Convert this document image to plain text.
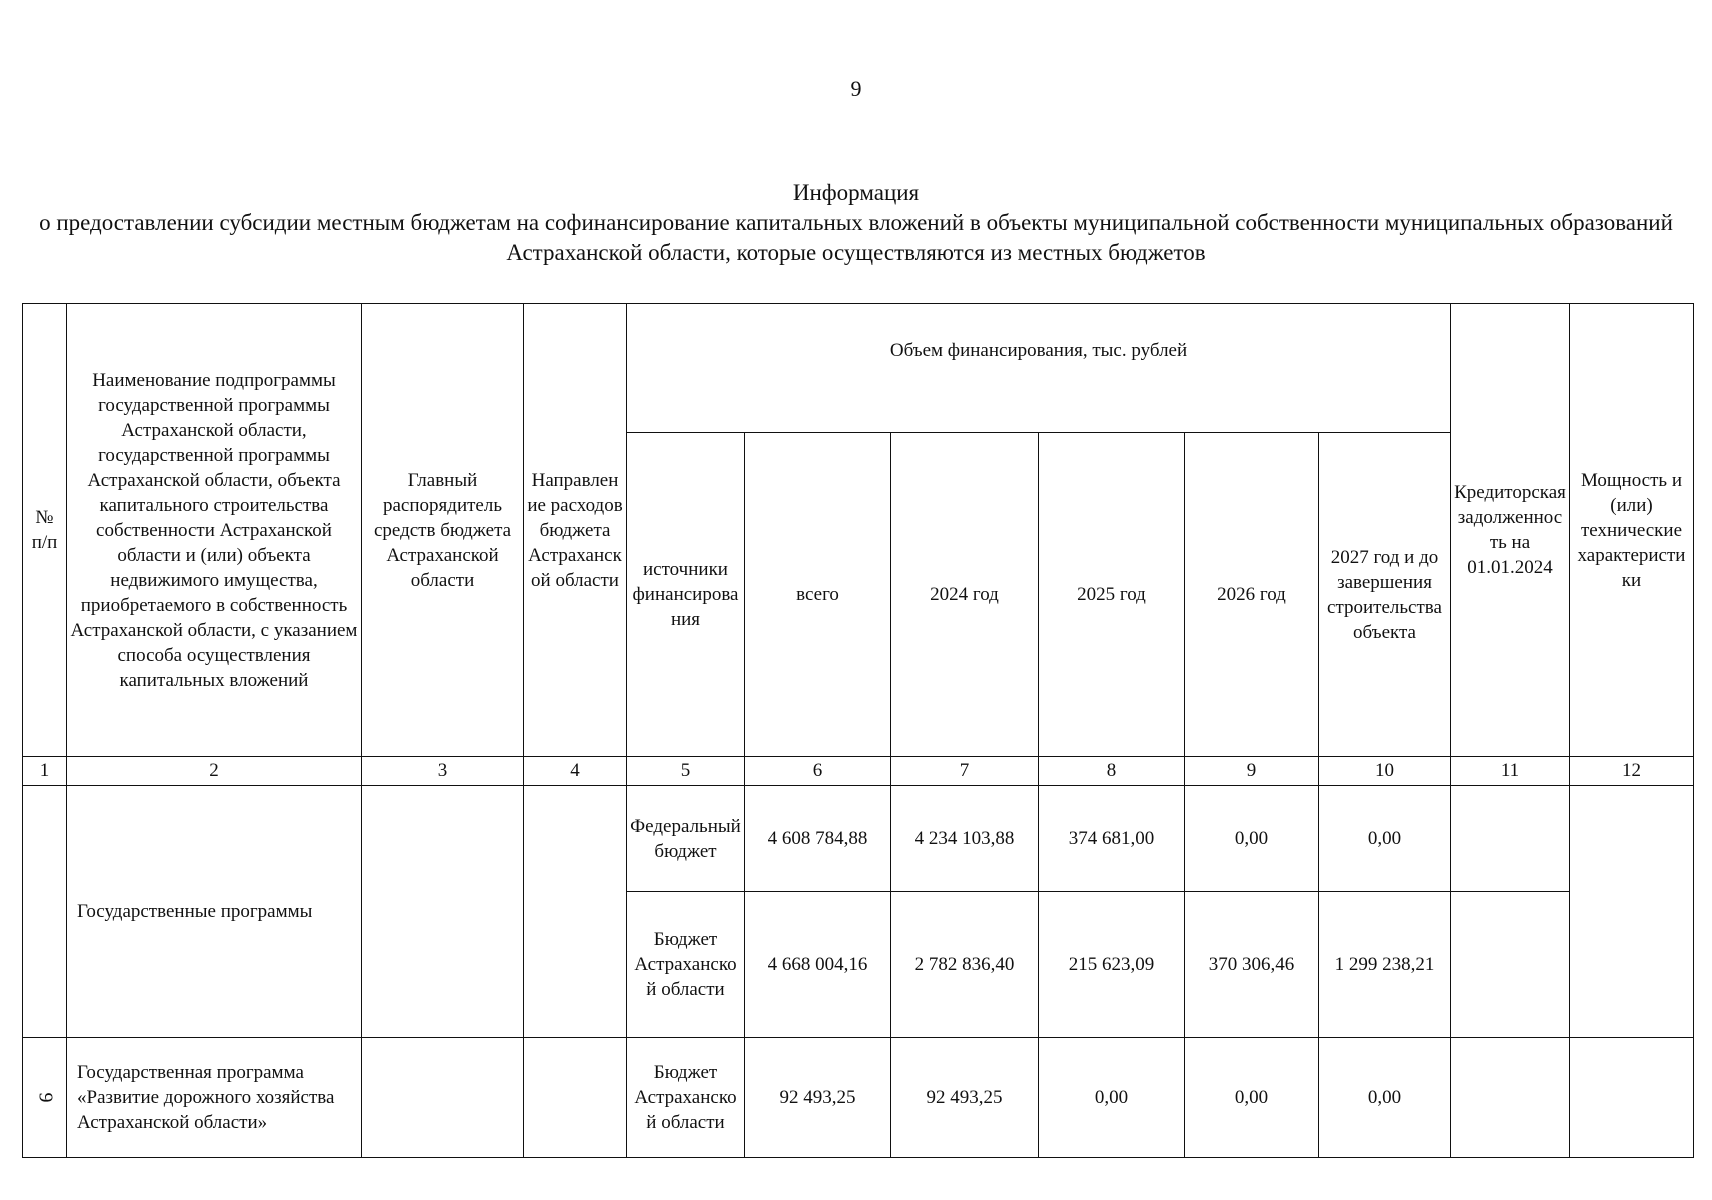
9
Информация
о предоставлении субсидии местным бюджетам на софинансирование капитальных вложений в объекты муниципальной собственности муниципальных образований Астраханской области, которые осуществляются из местных бюджетов
№ п/п	Наименование подпрограммы государственной программы Астраханской области, государственной программы Астраханской области, объекта капитального строительства собственности Астраханской области и (или) объекта недвижимого имущества, приобретаемого в собственность Астраханской области, с указанием способа осуществления капитальных вложений	Главный распорядитель средств бюджета Астраханской области	Направление расходов бюджета Астраханской области	Объем финансирования, тыс. рублей						Кредиторская задолженность на 01.01.2024	Мощность и (или) технические характеристики
				источники финансирования	всего	2024 год	2025 год	2026 год	2027 год и до завершения строительства объекта		
1	2	3	4	5	6	7	8	9	10	11	12
	Государственные программы			Федеральный бюджет	4 608 784,88	4 234 103,88	374 681,00	0,00	0,00		
				Бюджет Астраханской области	4 668 004,16	2 782 836,40	215 623,09	370 306,46	1 299 238,21		
9	Государственная программа «Развитие дорожного хозяйства Астраханской области»			Бюджет Астраханской области	92 493,25	92 493,25	0,00	0,00	0,00		
